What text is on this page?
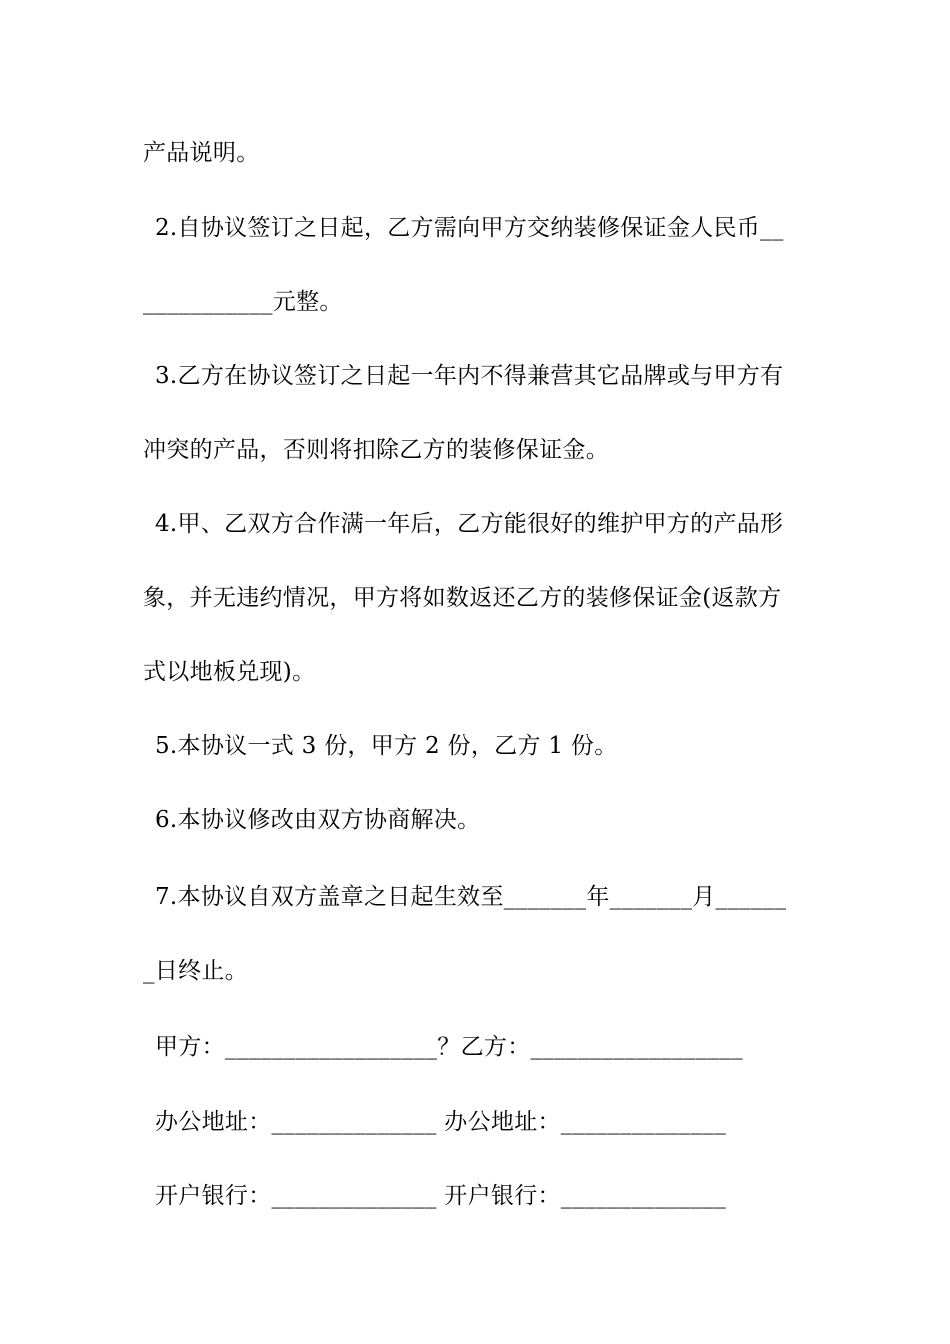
产品说明。
2.自协议签订之日起，乙方需向甲方交纳装修保证金人民币__
___________元整。
3.乙方在协议签订之日起一年内不得兼营其它品牌或与甲方有
冲突的产品，否则将扣除乙方的装修保证金。
4.甲、乙双方合作满一年后，乙方能很好的维护甲方的产品形
象，并无违约情况，甲方将如数返还乙方的装修保证金(返款方
式以地板兑现)。
5.本协议一式 3 份，甲方 2 份，乙方 1 份。
6.本协议修改由双方协商解决。
7.本协议自双方盖章之日起生效至_______年_______月______
_日终止。
甲方：__________________？乙方：__________________
办公地址：______________ 办公地址：______________
开户银行：______________ 开户银行：______________
